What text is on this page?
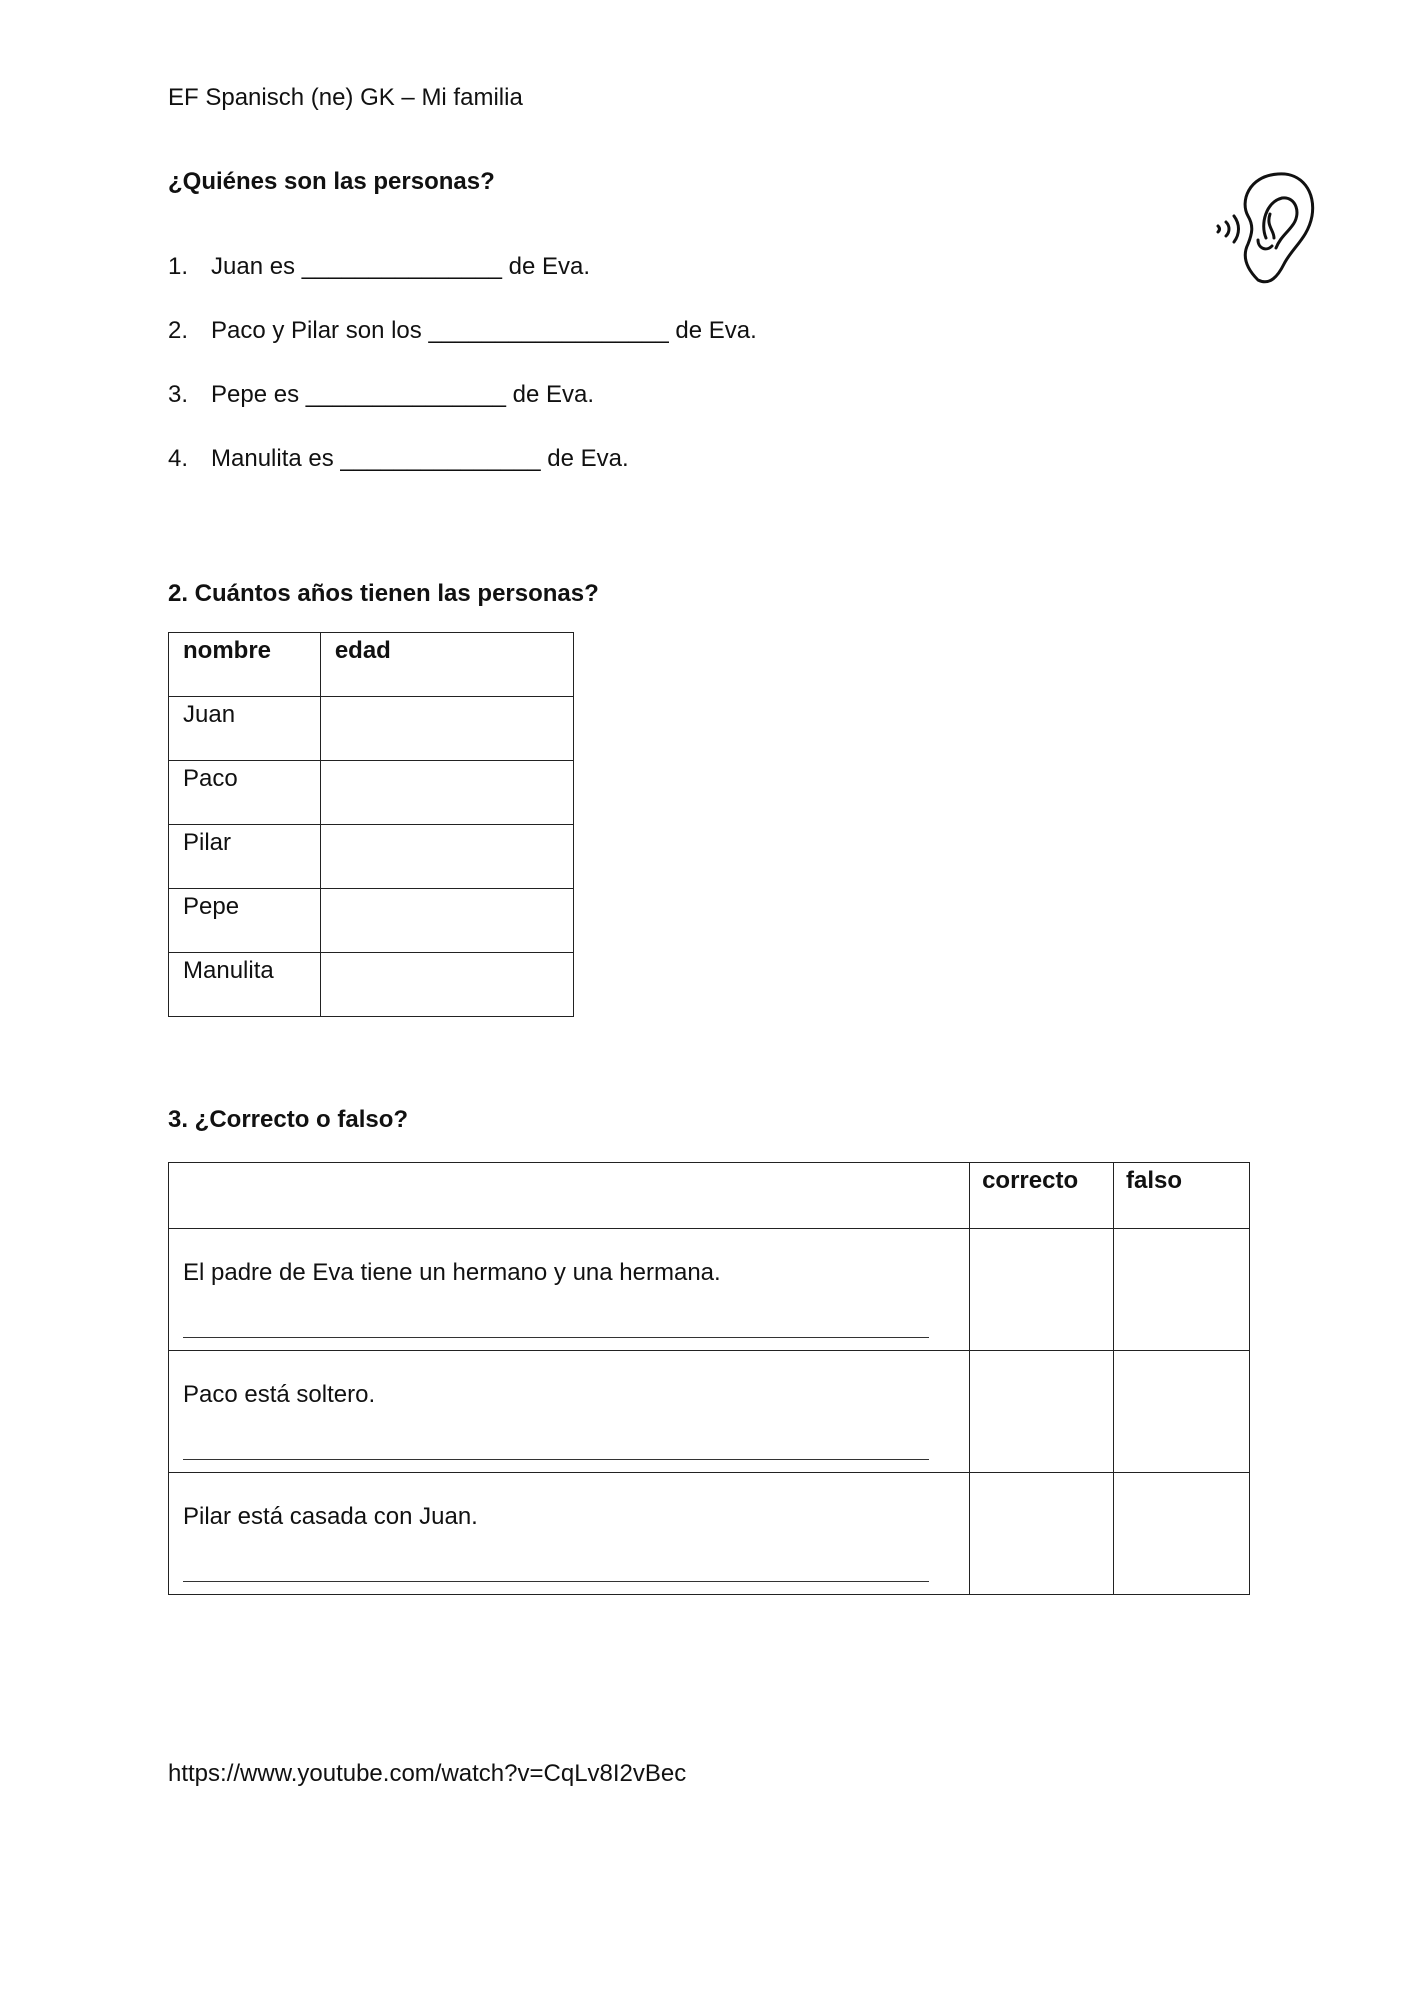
EF Spanisch (ne) GK – Mi familia
¿Quiénes son las personas?
1. Juan es _______________ de Eva.
2. Paco y Pilar son los __________________ de Eva.
3. Pepe es _______________ de Eva.
4. Manulita es _______________ de Eva.
2. Cuántos años tienen las personas?
nombre	edad
Juan	
Paco	
Pilar	
Pepe	
Manulita	
3. ¿Correcto o falso?
	correcto	falso

El padre de Eva tiene un hermano y una hermana.		

Paco está soltero.		

Pilar está casada con Juan.		

https://www.youtube.com/watch?v=CqLv8I2vBec
